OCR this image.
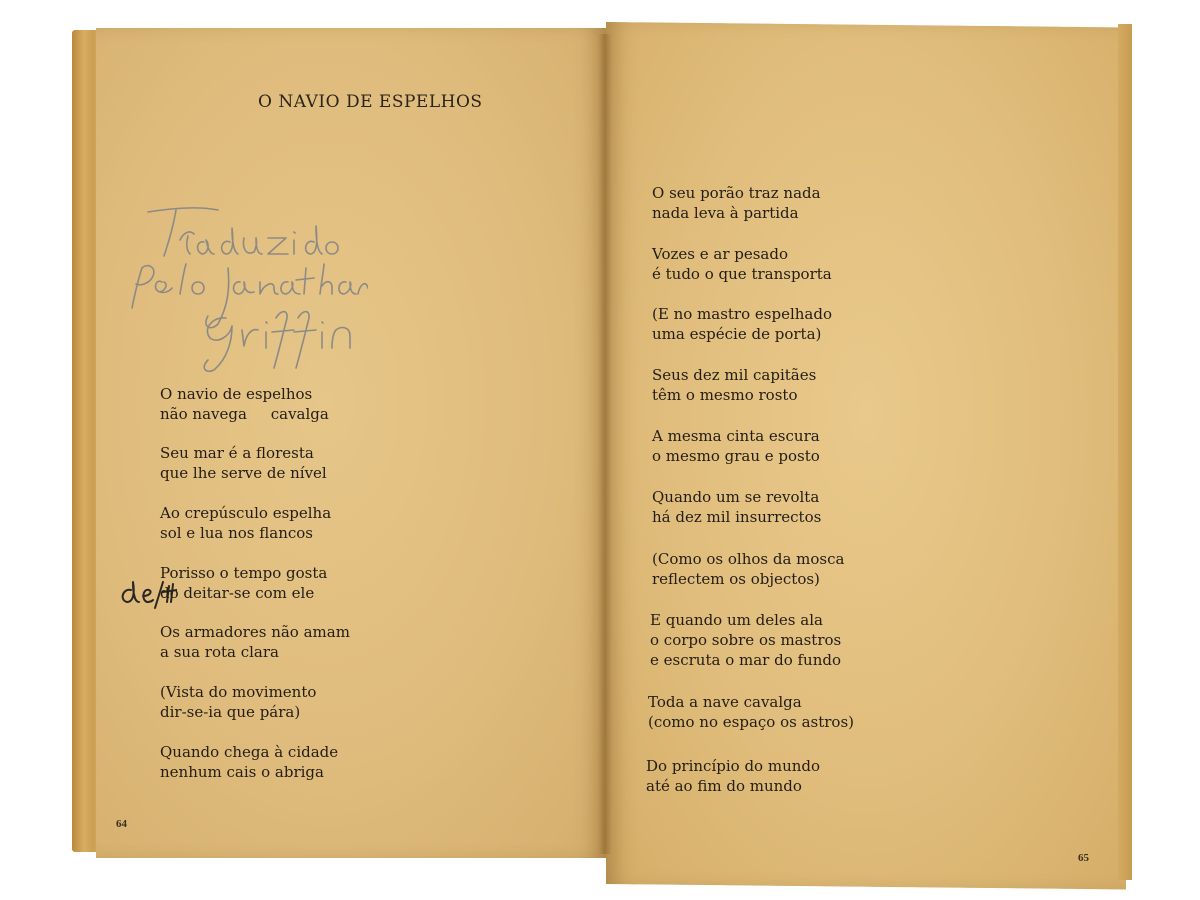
O NAVIO DE ESPELHOS
O navio de espelhos
não navega     cavalga
Seu mar é a floresta
que lhe serve de nível
Ao crepúsculo espelha
sol e lua nos flancos
Porisso o tempo gosta
do deitar-se com ele
Os armadores não amam
a sua rota clara
(Vista do movimento
dir-se-ia que pára)
Quando chega à cidade
nenhum cais o abriga
64
O seu porão traz nada
nada leva à partida
Vozes e ar pesado
é tudo o que transporta
(E no mastro espelhado
uma espécie de porta)
Seus dez mil capitães
têm o mesmo rosto
A mesma cinta escura
o mesmo grau e posto
Quando um se revolta
há dez mil insurrectos
(Como os olhos da mosca
reflectem os objectos)
E quando um deles ala
o corpo sobre os mastros
e escruta o mar do fundo
Toda a nave cavalga
(como no espaço os astros)
Do princípio do mundo
até ao fim do mundo
65
